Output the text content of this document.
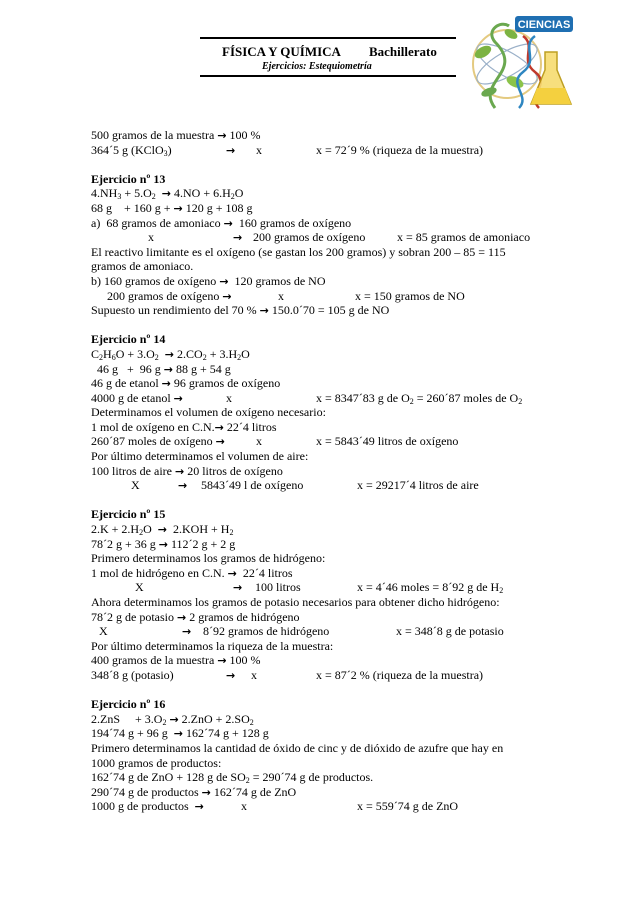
FÍSICA Y QUÍMICA Bachillerato
Ejercicios: Estequiometría
CIENCIAS
500 gramos de la muestra → 100 %
364´5 g (KClO$_3$)	→ x	x = 72´9 % (riqueza de la muestra)
Ejercicio nº 13
$4.NH_3 + 5.O_2 \to 4.NO + 6.H_2O$
68 g    + 160 g + → 120 g + 108 g
a)  68 gramos de amoniaco →  160 gramos de oxígeno
x	→ 200 gramos de oxígeno	x = 85 gramos de amoniaco
El reactivo limitante es el oxígeno (se gastan los 200 gramos) y sobran 200 – 85 = 115
gramos de amoniaco.
b) 160 gramos de oxígeno →  120 gramos de NO
200 gramos de oxígeno →	x	x = 150 gramos de NO
Supuesto un rendimiento del 70 % → 150.0´70 = 105 g de NO
Ejercicio nº 14
$C_2H_6O + 3.O_2 \to 2.CO_2 + 3.H_2O$
46 g   +  96 g → 88 g + 54 g
46 g de etanol → 96 gramos de oxígeno
4000 g de etanol →	x	x = 8347´83 g de $O_2$ = 260´87 moles de $O_2$
Determinamos el volumen de oxígeno necesario:
1 mol de oxígeno en C.N.→ 22´4 litros
260´87 moles de oxígeno →	x	x = 5843´49 litros de oxígeno
Por último determinamos el volumen de aire:
100 litros de aire → 20 litros de oxígeno
X	→ 5843´49 l de oxígeno	x = 29217´4 litros de aire
Ejercicio nº 15
$2.K + 2.H_2O \to 2.KOH + H_2$
78´2 g + 36 g → 112´2 g + 2 g
Primero determinamos los gramos de hidrógeno:
1 mol de hidrógeno en C.N. →  22´4 litros
X	→ 100 litros	x = 4´46 moles = 8´92 g de $H_2$
Ahora determinamos los gramos de potasio necesarios para obtener dicho hidrógeno:
78´2 g de potasio → 2 gramos de hidrógeno
X	→ 8´92 gramos de hidrógeno	x = 348´8 g de potasio
Por último determinamos la riqueza de la muestra:
400 gramos de la muestra → 100 %
348´8 g (potasio)	→ x	x = 87´2 % (riqueza de la muestra)
Ejercicio nº 16
2.ZnS     + $3.O_2 \to 2.ZnO + 2.SO_2$
194´74 g + 96 g  → 162´74 g + 128 g
Primero determinamos la cantidad de óxido de cinc y de dióxido de azufre que hay en
1000 gramos de productos:
162´74 g de ZnO + 128 g de $SO_2$ = 290´74 g de productos.
290´74 g de productos → 162´74 g de ZnO
1000 g de productos  →	x	x = 559´74 g de ZnO
